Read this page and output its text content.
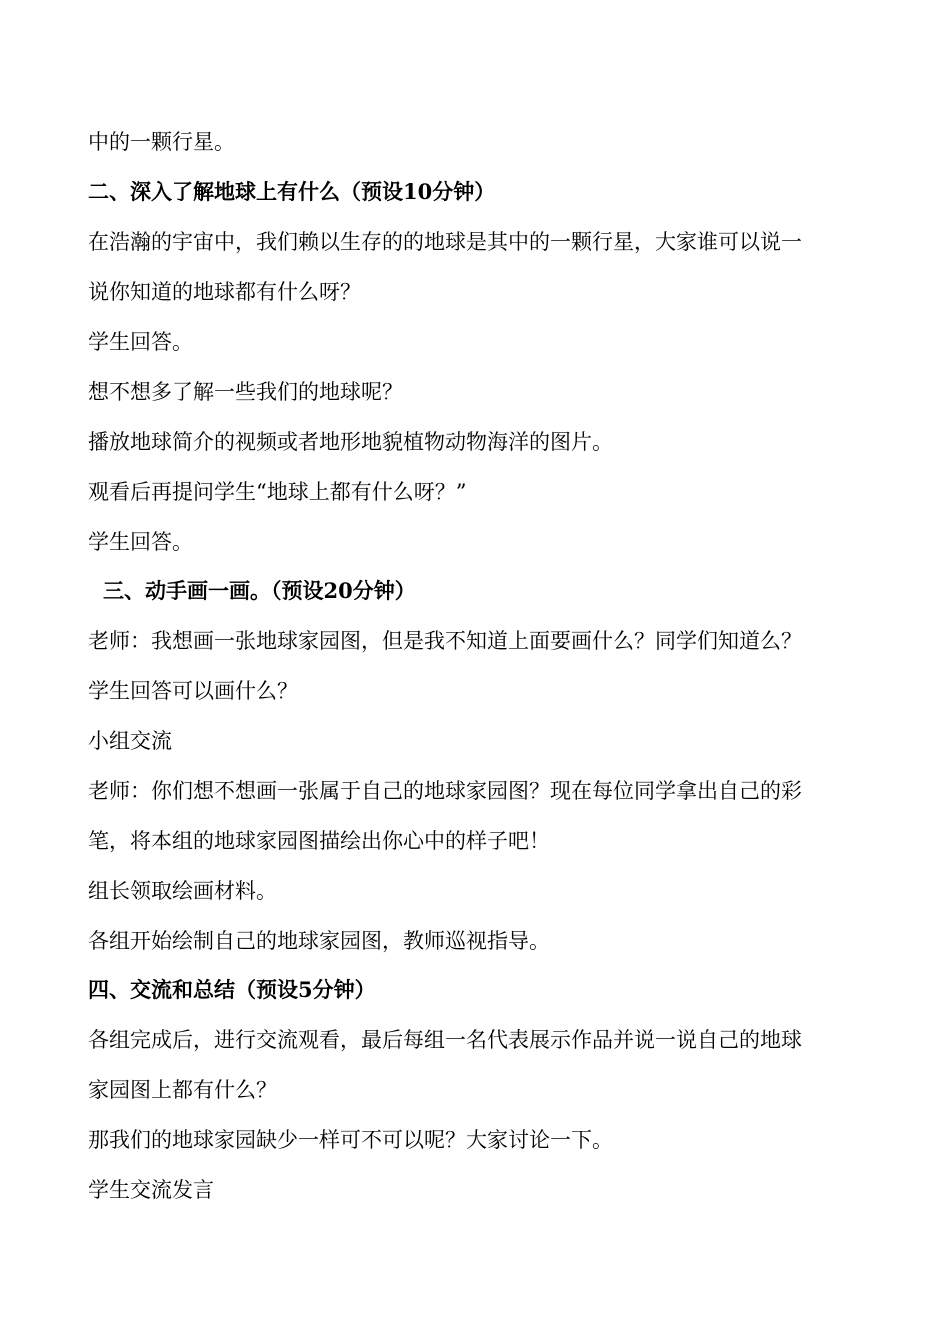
中的一颗行星。
二、深入了解地球上有什么（预设10分钟）
在浩瀚的宇宙中，我们赖以生存的的地球是其中的一颗行星，大家谁可以说一
说你知道的地球都有什么呀？
学生回答。
想不想多了解一些我们的地球呢？
播放地球简介的视频或者地形地貌植物动物海洋的图片。
观看后再提问学生“地球上都有什么呀？”
学生回答。
三、动手画一画。（预设20分钟）
老师：我想画一张地球家园图，但是我不知道上面要画什么？同学们知道么？
学生回答可以画什么？
小组交流
老师：你们想不想画一张属于自己的地球家园图？现在每位同学拿出自己的彩
笔，将本组的地球家园图描绘出你心中的样子吧！
组长领取绘画材料。
各组开始绘制自己的地球家园图，教师巡视指导。
四、交流和总结（预设5分钟）
各组完成后，进行交流观看，最后每组一名代表展示作品并说一说自己的地球
家园图上都有什么？
那我们的地球家园缺少一样可不可以呢？大家讨论一下。
学生交流发言
